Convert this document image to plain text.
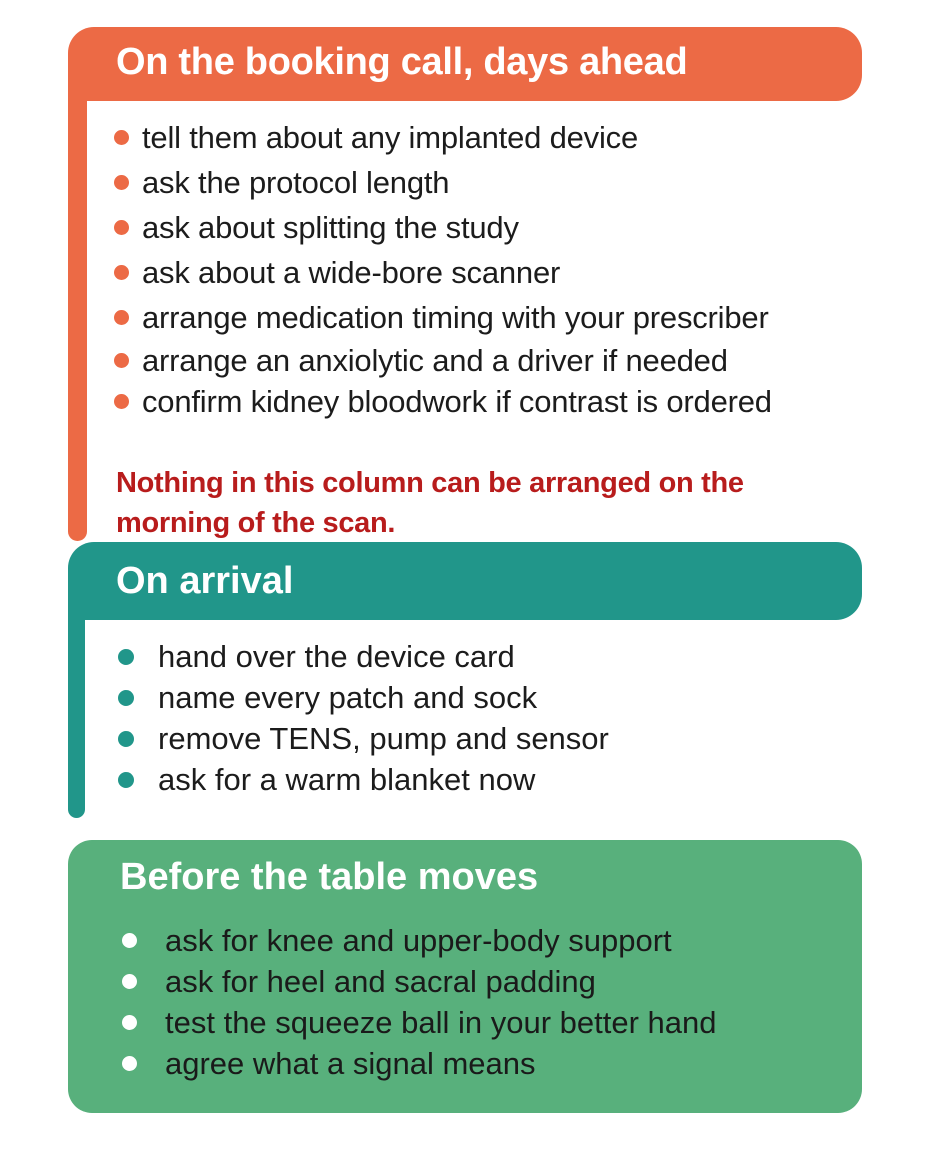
On the booking call, days ahead
tell them about any implanted device
ask the protocol length
ask about splitting the study
ask about a wide-bore scanner
arrange medication timing with your prescriber
arrange an anxiolytic and a driver if needed
confirm kidney bloodwork if contrast is ordered
Nothing in this column can be arranged on the morning of the scan.
On arrival
hand over the device card
name every patch and sock
remove TENS, pump and sensor
ask for a warm blanket now
Before the table moves
ask for knee and upper-body support
ask for heel and sacral padding
test the squeeze ball in your better hand
agree what a signal means
